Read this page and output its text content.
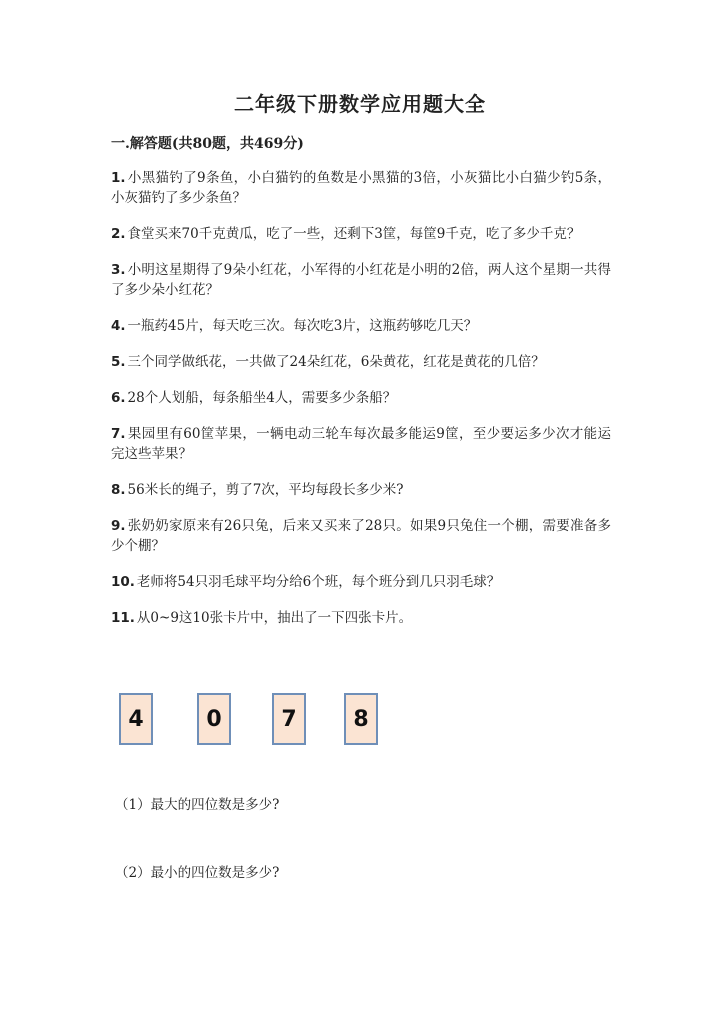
二年级下册数学应用题大全
一.解答题(共80题，共469分)
1. 小黑猫钓了9条鱼，小白猫钓的鱼数是小黑猫的3倍，小灰猫比小白猫少钓5条，小灰猫钓了多少条鱼？
2. 食堂买来70千克黄瓜，吃了一些，还剩下3筐，每筐9千克，吃了多少千克？
3. 小明这星期得了9朵小红花，小军得的小红花是小明的2倍，两人这个星期一共得了多少朵小红花？
4. 一瓶药45片，每天吃三次。每次吃3片，这瓶药够吃几天？
5. 三个同学做纸花，一共做了24朵红花，6朵黄花，红花是黄花的几倍？
6. 28个人划船，每条船坐4人，需要多少条船？
7. 果园里有60筐苹果，一辆电动三轮车每次最多能运9筐，至少要运多少次才能运完这些苹果？
8. 56米长的绳子，剪了7次，平均每段长多少米?
9. 张奶奶家原来有26只兔，后来又买来了28只。如果9只兔住一个棚，需要准备多少个棚？
10. 老师将54只羽毛球平均分给6个班，每个班分到几只羽毛球？
11. 从0~9这10张卡片中，抽出了一下四张卡片。
4	0	7	8
（1）最大的四位数是多少?
（2）最小的四位数是多少?
